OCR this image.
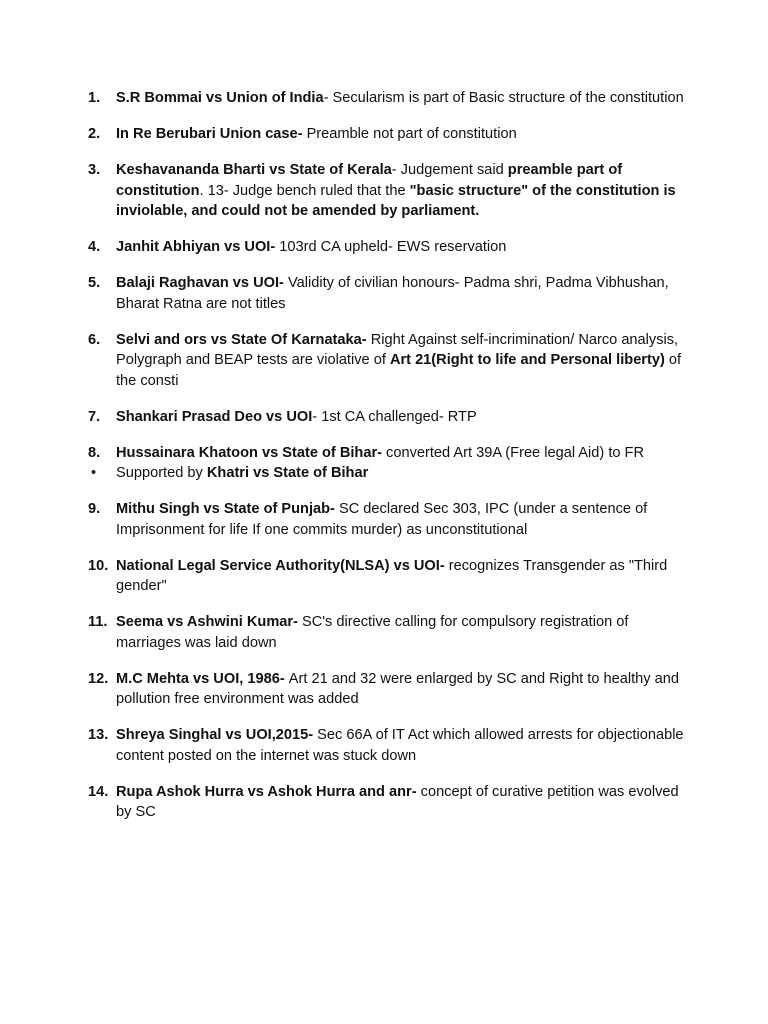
1. S.R Bommai vs Union of India- Secularism is part of Basic structure of the constitution
2. In Re Berubari Union case- Preamble not part of constitution
3. Keshavananda Bharti vs State of Kerala- Judgement said preamble part of constitution. 13- Judge bench ruled that the "basic structure" of the constitution is inviolable, and could not be amended by parliament.
4. Janhit Abhiyan vs UOI- 103rd CA upheld- EWS reservation
5. Balaji Raghavan vs UOI- Validity of civilian honours- Padma shri, Padma Vibhushan, Bharat Ratna are not titles
6. Selvi and ors vs State Of Karnataka- Right Against self-incrimination/ Narco analysis, Polygraph and BEAP tests are violative of Art 21(Right to life and Personal liberty) of the consti
7. Shankari Prasad Deo vs UOI- 1st CA challenged- RTP
8. Hussainara Khatoon vs State of Bihar- converted Art 39A (Free legal Aid) to FR
• Supported by Khatri vs State of Bihar
9. Mithu Singh vs State of Punjab- SC declared Sec 303, IPC (under a sentence of Imprisonment for life If one commits murder) as unconstitutional
10. National Legal Service Authority(NLSA) vs UOI- recognizes Transgender as "Third gender"
11. Seema vs Ashwini Kumar- SC's directive calling for compulsory registration of marriages was laid down
12. M.C Mehta vs UOI, 1986- Art 21 and 32 were enlarged by SC and Right to healthy and pollution free environment was added
13. Shreya Singhal vs UOI,2015- Sec 66A of IT Act which allowed arrests for objectionable content posted on the internet was stuck down
14. Rupa Ashok Hurra vs Ashok Hurra and anr- concept of curative petition was evolved by SC
